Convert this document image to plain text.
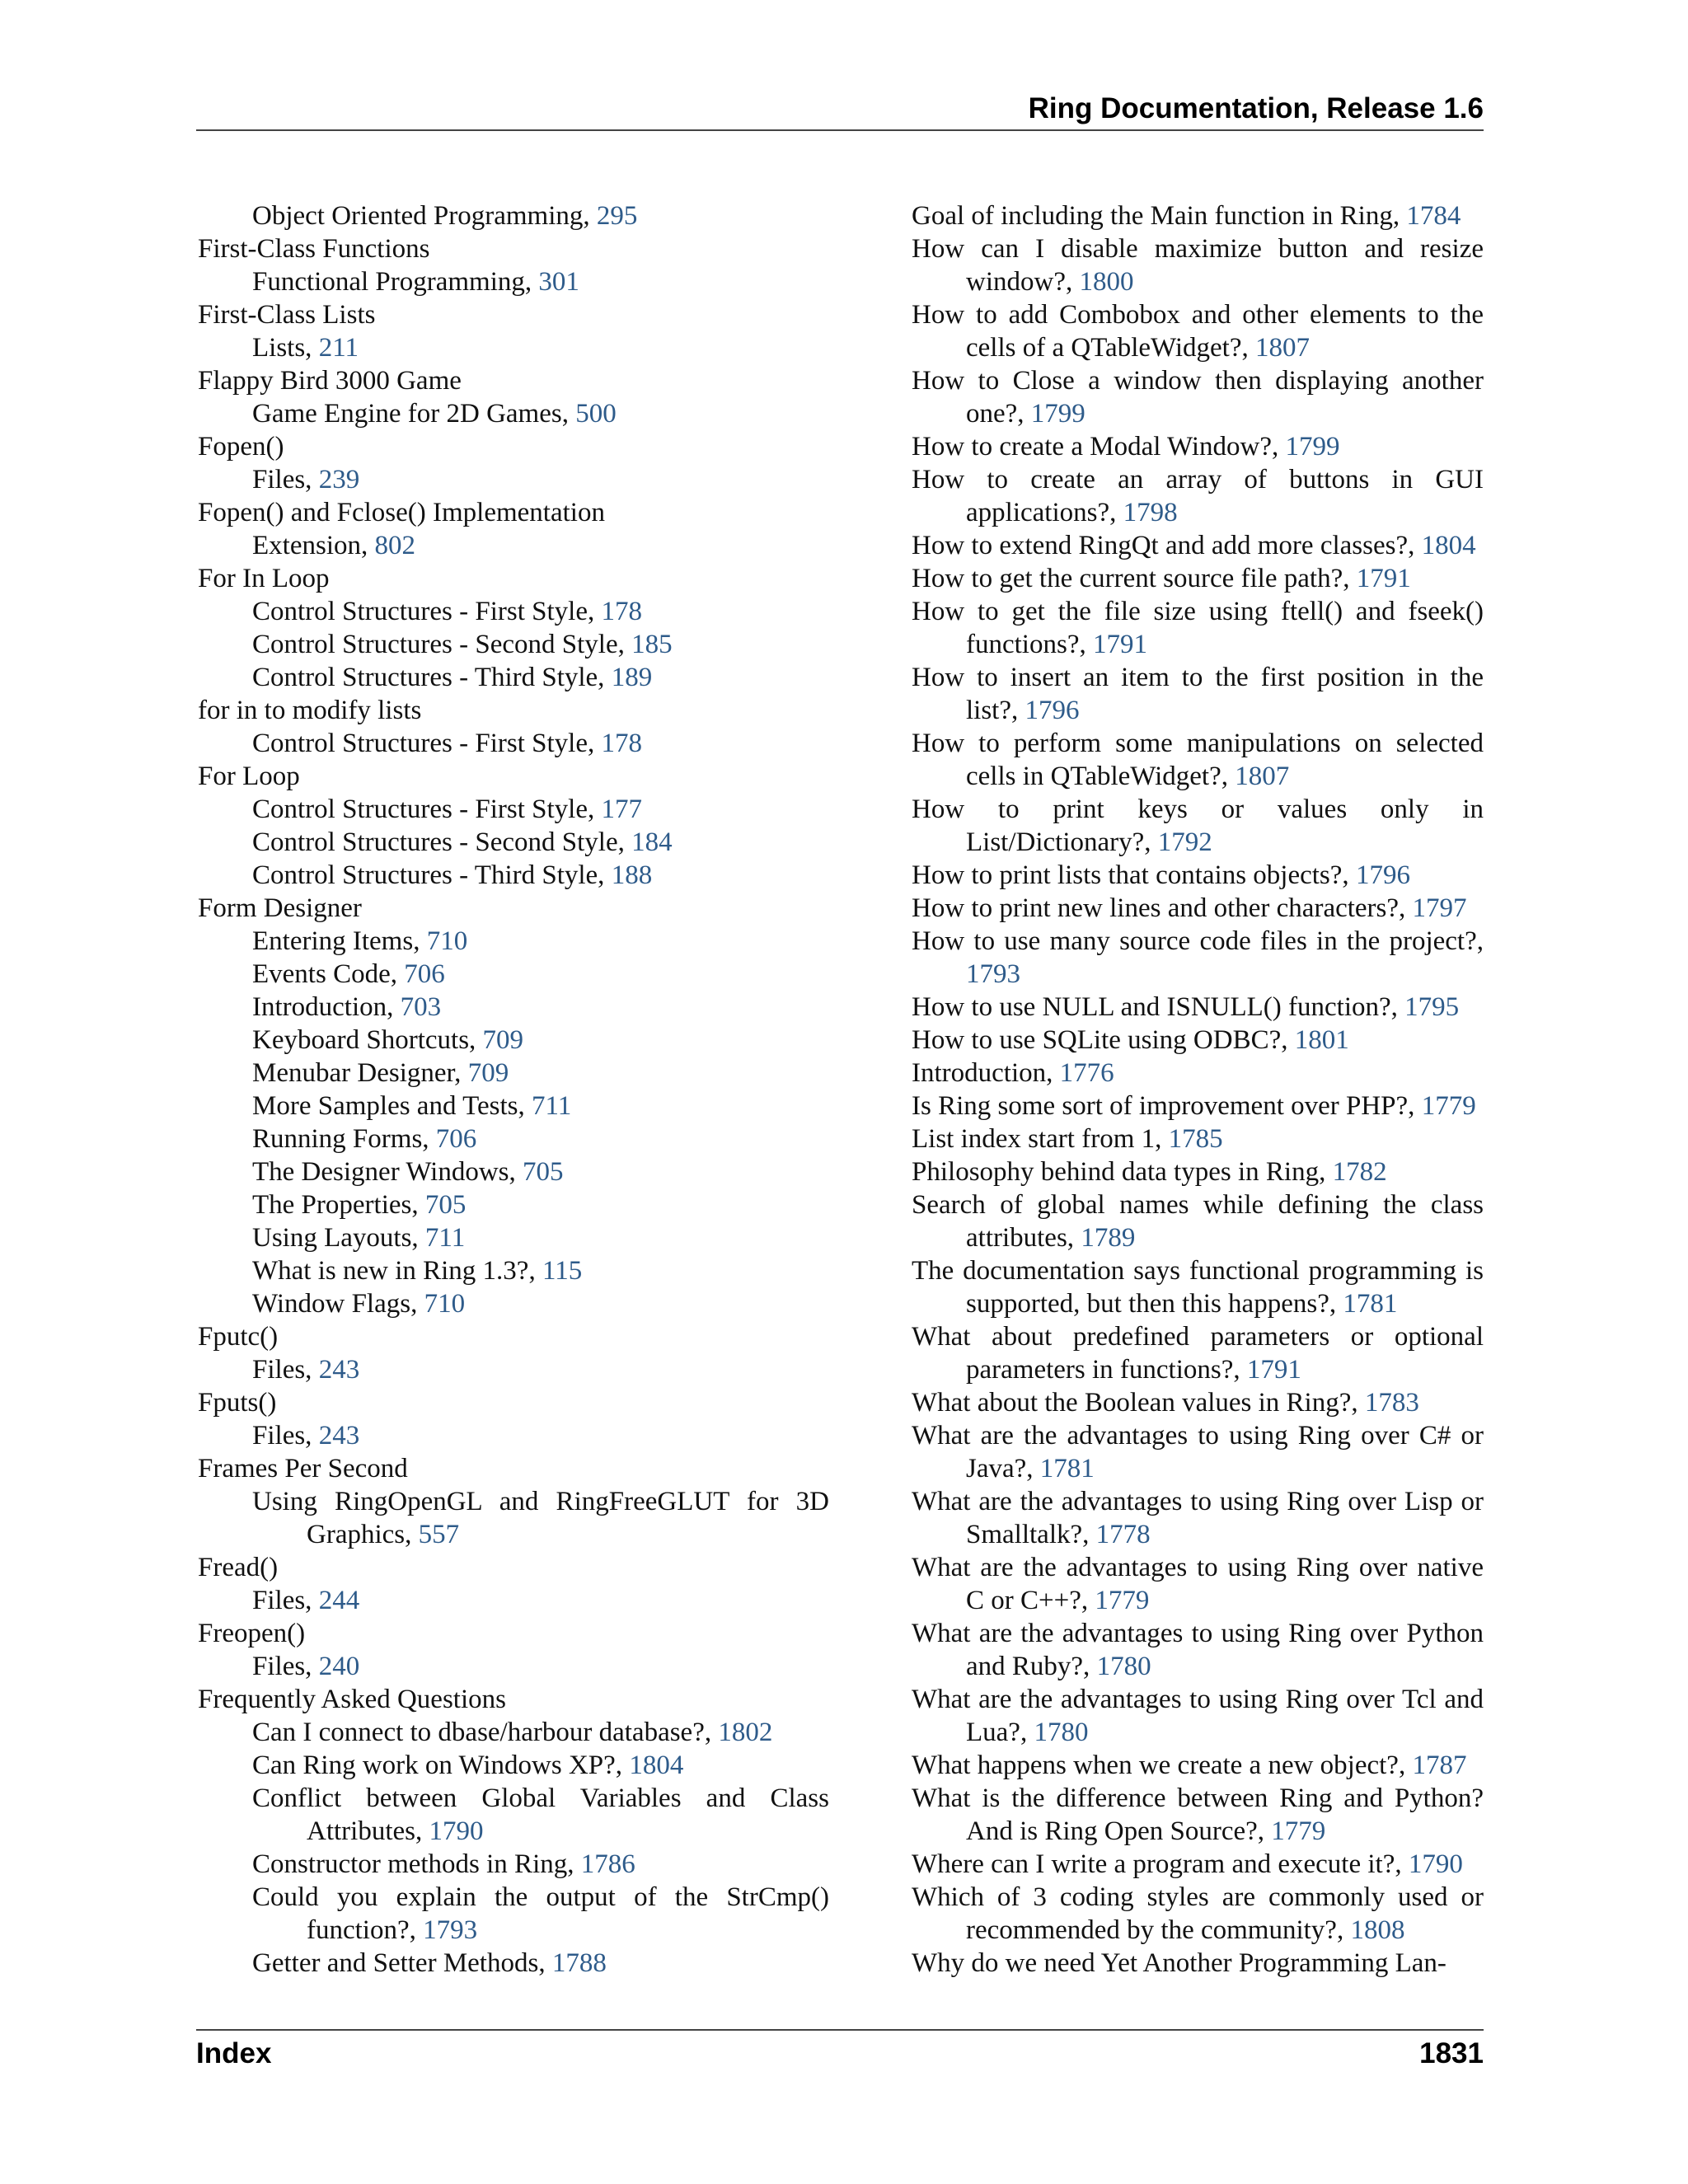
Ring Documentation, Release 1.6
Object Oriented Programming, 295
First-Class Functions
Functional Programming, 301
First-Class Lists
Lists, 211
Flappy Bird 3000 Game
Game Engine for 2D Games, 500
Fopen()
Files, 239
Fopen() and Fclose() Implementation
Extension, 802
For In Loop
Control Structures - First Style, 178
Control Structures - Second Style, 185
Control Structures - Third Style, 189
for in to modify lists
Control Structures - First Style, 178
For Loop
Control Structures - First Style, 177
Control Structures - Second Style, 184
Control Structures - Third Style, 188
Form Designer
Entering Items, 710
Events Code, 706
Introduction, 703
Keyboard Shortcuts, 709
Menubar Designer, 709
More Samples and Tests, 711
Running Forms, 706
The Designer Windows, 705
The Properties, 705
Using Layouts, 711
What is new in Ring 1.3?, 115
Window Flags, 710
Fputc()
Files, 243
Fputs()
Files, 243
Frames Per Second
Using RingOpenGL and RingFreeGLUT for 3D Graphics, 557
Fread()
Files, 244
Freopen()
Files, 240
Frequently Asked Questions
Can I connect to dbase/harbour database?, 1802
Can Ring work on Windows XP?, 1804
Conflict between Global Variables and Class Attributes, 1790
Constructor methods in Ring, 1786
Could you explain the output of the StrCmp() function?, 1793
Getter and Setter Methods, 1788
Goal of including the Main function in Ring, 1784
How can I disable maximize button and resize window?, 1800
How to add Combobox and other elements to the cells of a QTableWidget?, 1807
How to Close a window then displaying another one?, 1799
How to create a Modal Window?, 1799
How to create an array of buttons in GUI applications?, 1798
How to extend RingQt and add more classes?, 1804
How to get the current source file path?, 1791
How to get the file size using ftell() and fseek() functions?, 1791
How to insert an item to the first position in the list?, 1796
How to perform some manipulations on selected cells in QTableWidget?, 1807
How to print keys or values only in List/Dictionary?, 1792
How to print lists that contains objects?, 1796
How to print new lines and other characters?, 1797
How to use many source code files in the project?, 1793
How to use NULL and ISNULL() function?, 1795
How to use SQLite using ODBC?, 1801
Introduction, 1776
Is Ring some sort of improvement over PHP?, 1779
List index start from 1, 1785
Philosophy behind data types in Ring, 1782
Search of global names while defining the class attributes, 1789
The documentation says functional programming is supported, but then this happens?, 1781
What about predefined parameters or optional parameters in functions?, 1791
What about the Boolean values in Ring?, 1783
What are the advantages to using Ring over C# or Java?, 1781
What are the advantages to using Ring over Lisp or Smalltalk?, 1778
What are the advantages to using Ring over native C or C++?, 1779
What are the advantages to using Ring over Python and Ruby?, 1780
What are the advantages to using Ring over Tcl and Lua?, 1780
What happens when we create a new object?, 1787
What is the difference between Ring and Python? And is Ring Open Source?, 1779
Where can I write a program and execute it?, 1790
Which of 3 coding styles are commonly used or recommended by the community?, 1808
Why do we need Yet Another Programming Lan-
Index	1831
